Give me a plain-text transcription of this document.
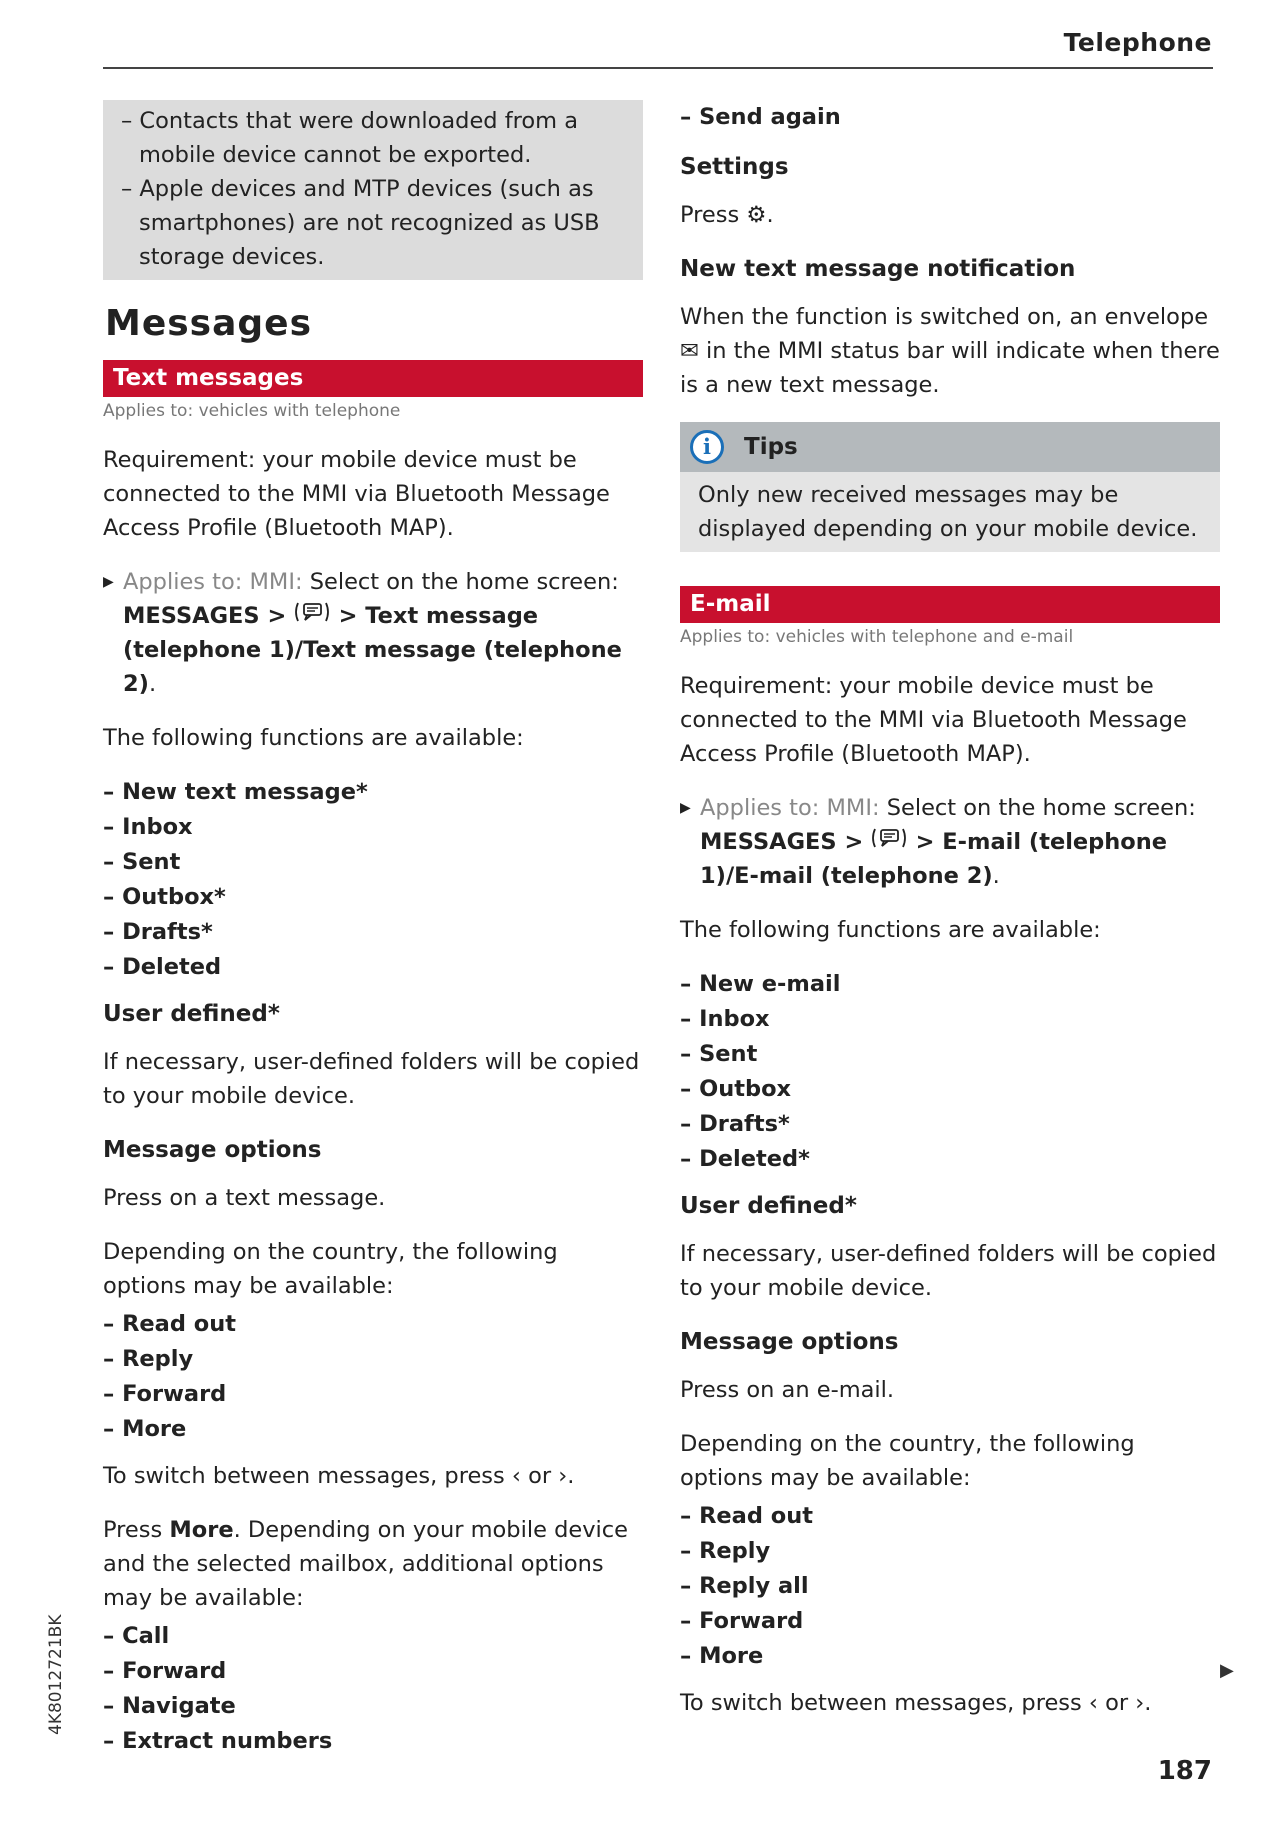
Telephone
– Contacts that were downloaded from a mobile device cannot be exported.
– Apple devices and MTP devices (such as smartphones) are not recognized as USB storage devices.
Messages
Text messages
Applies to: vehicles with telephone

Requirement: your mobile device must be connected to the MMI via Bluetooth Message Access Profile (Bluetooth MAP).

▶ Applies to: MMI: Select on the home screen:
MESSAGES > > Text message (telephone 1)/Text message (telephone 2).

The following functions are available:

– New text message*
– Inbox
– Sent
– Outbox*
– Drafts*
– Deleted
User defined*

If necessary, user-defined folders will be copied to your mobile device.

Message options

Press on a text message.

Depending on the country, the following options may be available:

– Read out
– Reply
– Forward
– More

To switch between messages, press ‹ or ›.

Press More. Depending on your mobile device and the selected mailbox, additional options may be available:

– Call
– Forward
– Navigate
– Extract numbers
– Send again
Settings

Press ⚙.

New text message notification

When the function is switched on, an envelope ✉ in the MMI status bar will indicate when there is a new text message.

i	Tips
Only new received messages may be displayed depending on your mobile device.
E-mail
Applies to: vehicles with telephone and e-mail

Requirement: your mobile device must be connected to the MMI via Bluetooth Message Access Profile (Bluetooth MAP).

▶ Applies to: MMI: Select on the home screen:
MESSAGES > > E-mail (telephone 1)/E-mail (telephone 2).

The following functions are available:

– New e-mail
– Inbox
– Sent
– Outbox
– Drafts*
– Deleted*
User defined*

If necessary, user-defined folders will be copied to your mobile device.

Message options

Press on an e-mail.

Depending on the country, the following options may be available:

– Read out
– Reply
– Reply all
– Forward
– More

To switch between messages, press ‹ or ›.

▶
4K8012721BK
187
